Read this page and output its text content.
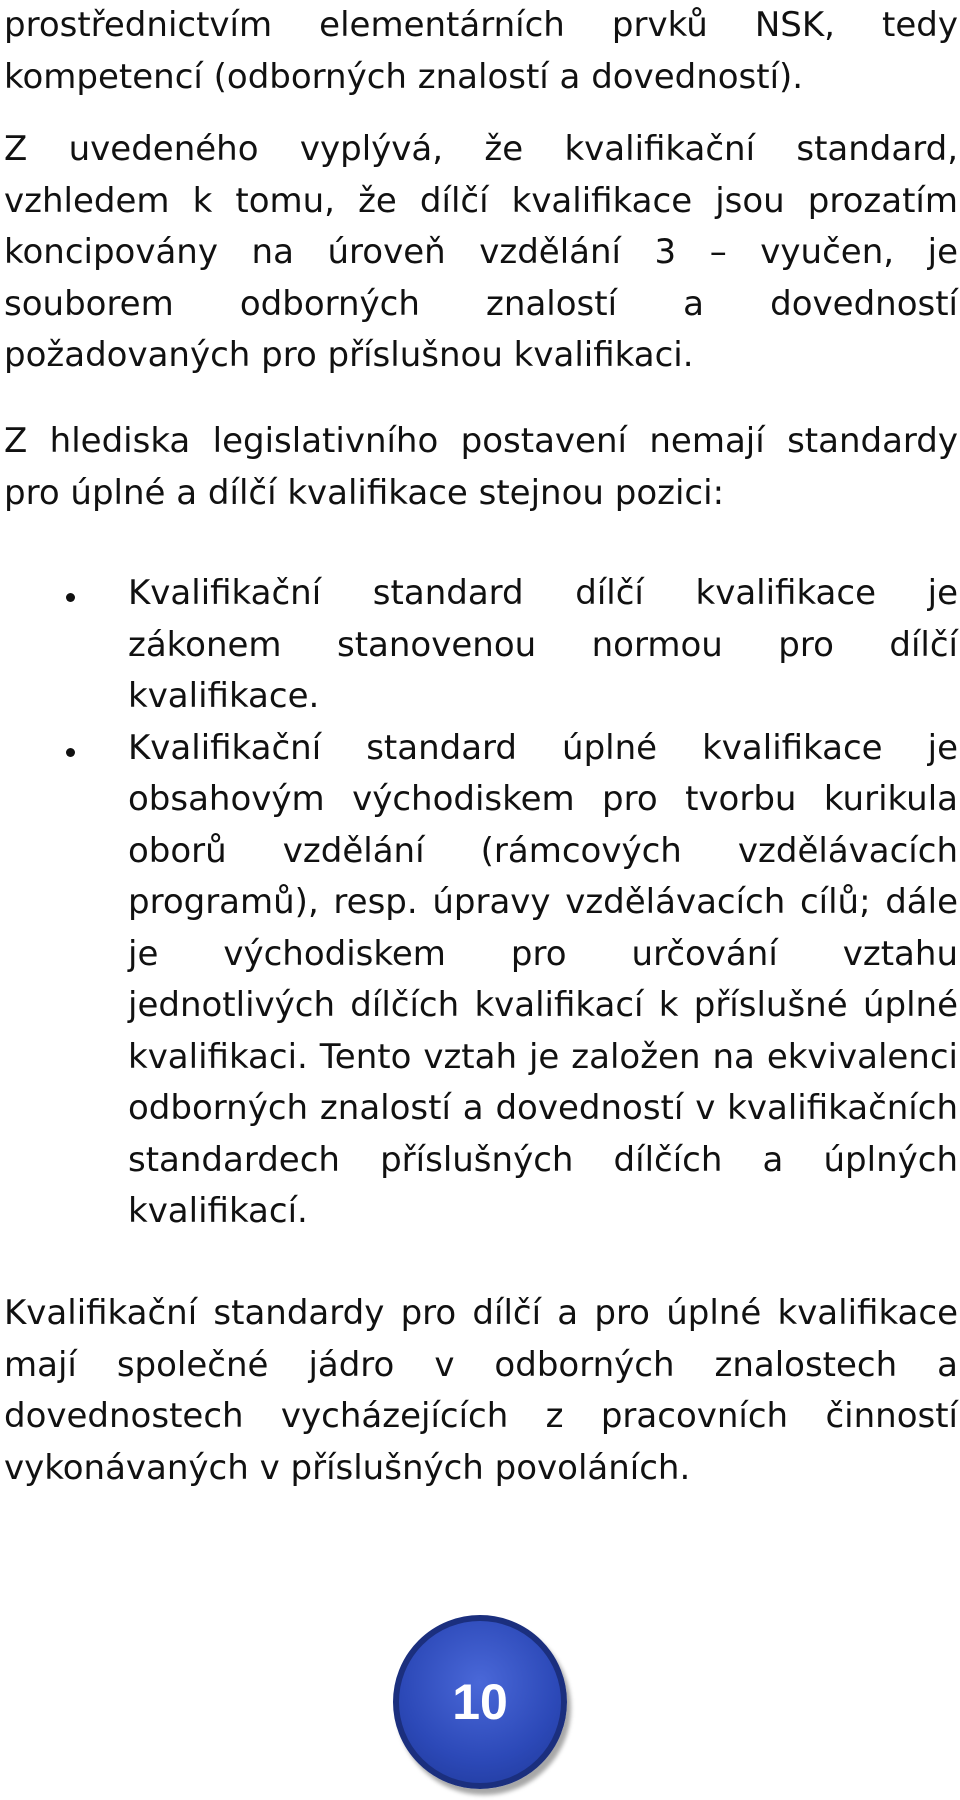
prostřednictvím elementárních prvků NSK, tedy kompetencí (odborných znalostí a dovedností).

Z uvedeného vyplývá, že kvalifikační standard, vzhledem k tomu, že dílčí kvalifikace jsou prozatím koncipovány na úroveň vzdělání 3 – vyučen, je souborem odborných znalostí a dovedností požadovaných pro příslušnou kvalifikaci.

Z hlediska legislativního postavení nemají standardy pro úplné a dílčí kvalifikace stejnou pozici:

Kvalifikační standard dílčí kvalifikace je zákonem stanovenou normou pro dílčí kvalifikace.
Kvalifikační standard úplné kvalifikace je obsahovým východiskem pro tvorbu kurikula oborů vzdělání (rámcových vzdělávacích programů), resp. úpravy vzdělávacích cílů; dále je východiskem pro určování vztahu jednotlivých dílčích kvalifikací k příslušné úplné kvalifikaci. Tento vztah je založen na ekvivalenci odborných znalostí a dovedností v kvalifikačních standardech příslušných dílčích a úplných kvalifikací.

Kvalifikační standardy pro dílčí a pro úplné kvalifikace mají společné jádro v odborných znalostech a dovednostech vycházejících z pracovních činností vykonávaných v příslušných povoláních.

10
